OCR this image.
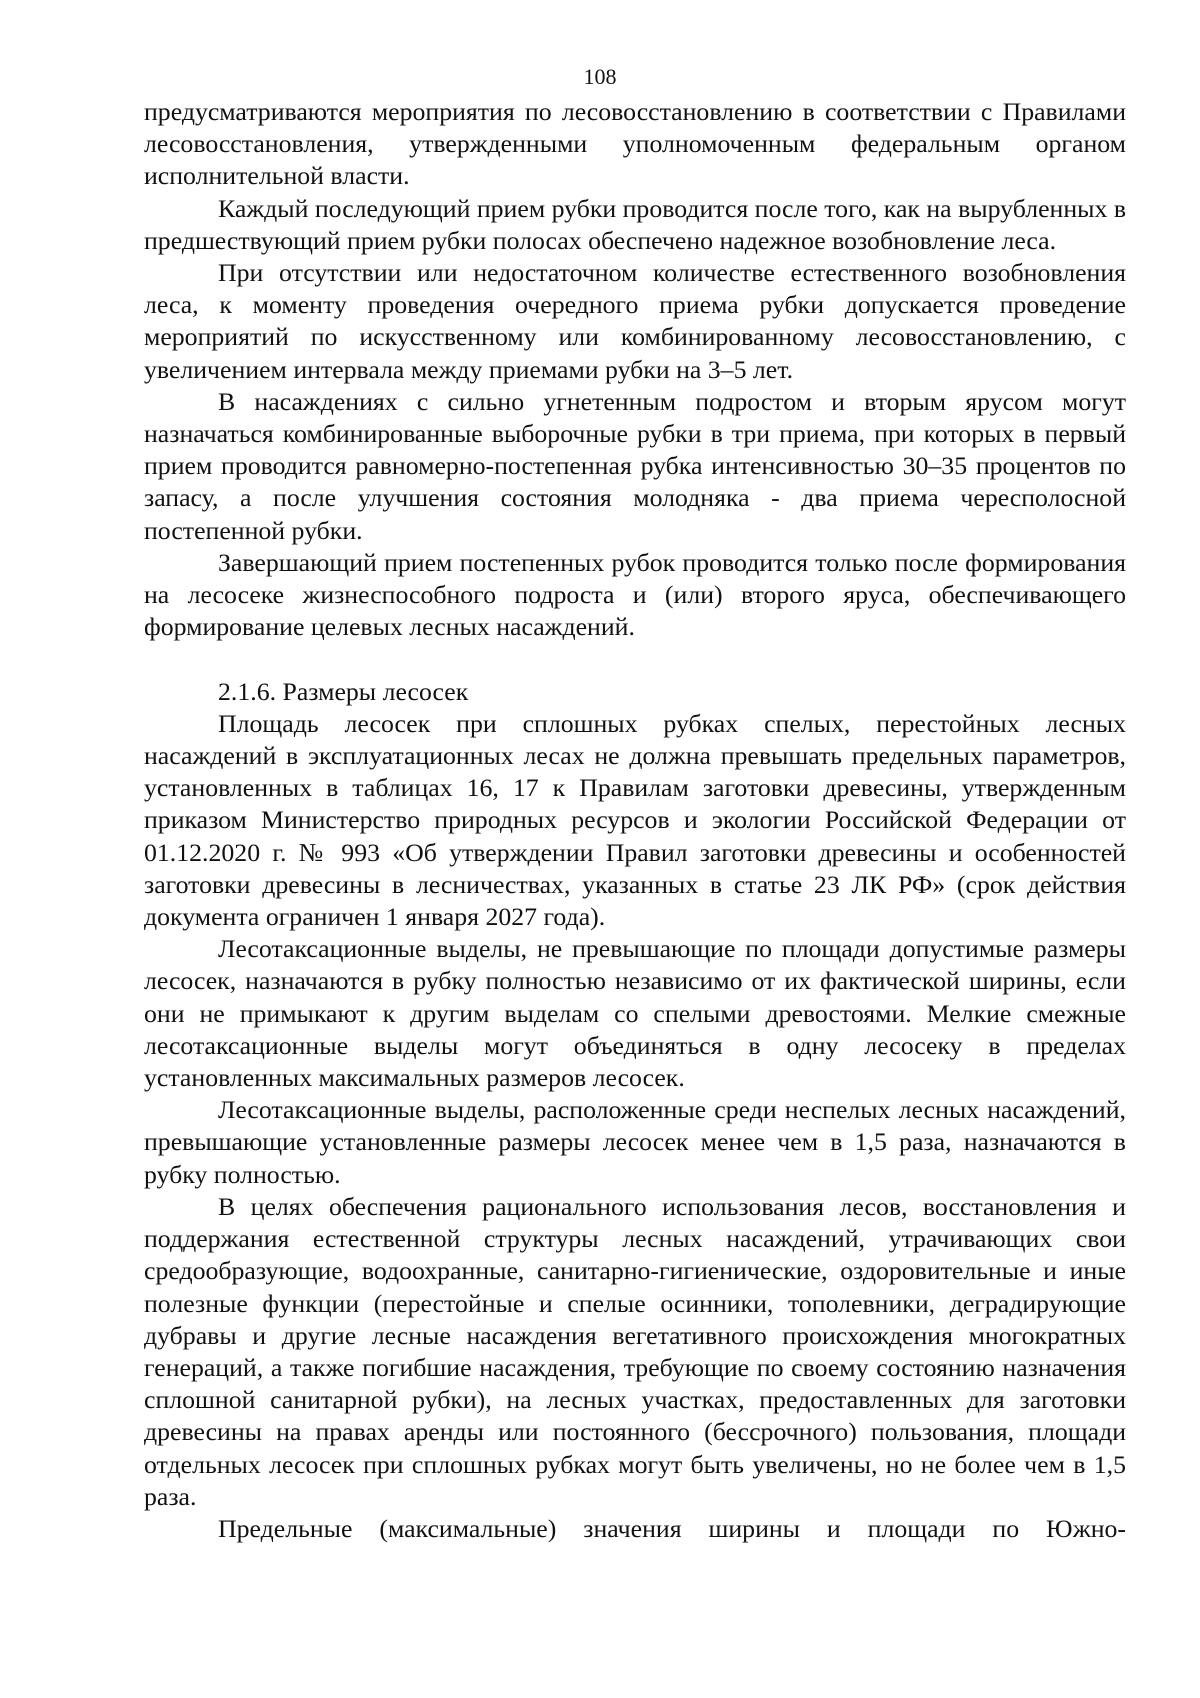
108

предусматриваются мероприятия по лесовосстановлению в соответствии с Правилами лесовосстановления, утвержденными уполномоченным федеральным органом исполнительной власти.

Каждый последующий прием рубки проводится после того, как на вырубленных в предшествующий прием рубки полосах обеспечено надежное возобновление леса.

При отсутствии или недостаточном количестве естественного возобновления леса, к моменту проведения очередного приема рубки допускается проведение мероприятий по искусственному или комбинированному лесовосстановлению, с увеличением интервала между приемами рубки на 3–5 лет.

В насаждениях с сильно угнетенным подростом и вторым ярусом могут назначаться комбинированные выборочные рубки в три приема, при которых в первый прием проводится равномерно-постепенная рубка интенсивностью 30–35 процентов по запасу, а после улучшения состояния молодняка - два приема чересполосной постепенной рубки.

Завершающий прием постепенных рубок проводится только после формирования на лесосеке жизнеспособного подроста и (или) второго яруса, обеспечивающего формирование целевых лесных насаждений.

2.1.6. Размеры лесосек

Площадь лесосек при сплошных рубках спелых, перестойных лесных насаждений в эксплуатационных лесах не должна превышать предельных параметров, установленных в таблицах 16, 17 к Правилам заготовки древесины, утвержденным приказом Министерство природных ресурсов и экологии Российской Федерации от 01.12.2020 г. № 993 «Об утверждении Правил заготовки древесины и особенностей заготовки древесины в лесничествах, указанных в статье 23 ЛК РФ» (срок действия документа ограничен 1 января 2027 года).

Лесотаксационные выделы, не превышающие по площади допустимые размеры лесосек, назначаются в рубку полностью независимо от их фактической ширины, если они не примыкают к другим выделам со спелыми древостоями. Мелкие смежные лесотаксационные выделы могут объединяться в одну лесосеку в пределах установленных максимальных размеров лесосек.

Лесотаксационные выделы, расположенные среди неспелых лесных насаждений, превышающие установленные размеры лесосек менее чем в 1,5 раза, назначаются в рубку полностью.

В целях обеспечения рационального использования лесов, восстановления и поддержания естественной структуры лесных насаждений, утрачивающих свои средообразующие, водоохранные, санитарно-гигиенические, оздоровительные и иные полезные функции (перестойные и спелые осинники, тополевники, деградирующие дубравы и другие лесные насаждения вегетативного происхождения многократных генераций, а также погибшие насаждения, требующие по своему состоянию назначения сплошной санитарной рубки), на лесных участках, предоставленных для заготовки древесины на правах аренды или постоянного (бессрочного) пользования, площади отдельных лесосек при сплошных рубках могут быть увеличены, но не более чем в 1,5 раза.

Предельные (максимальные) значения ширины и площади по Южно-
